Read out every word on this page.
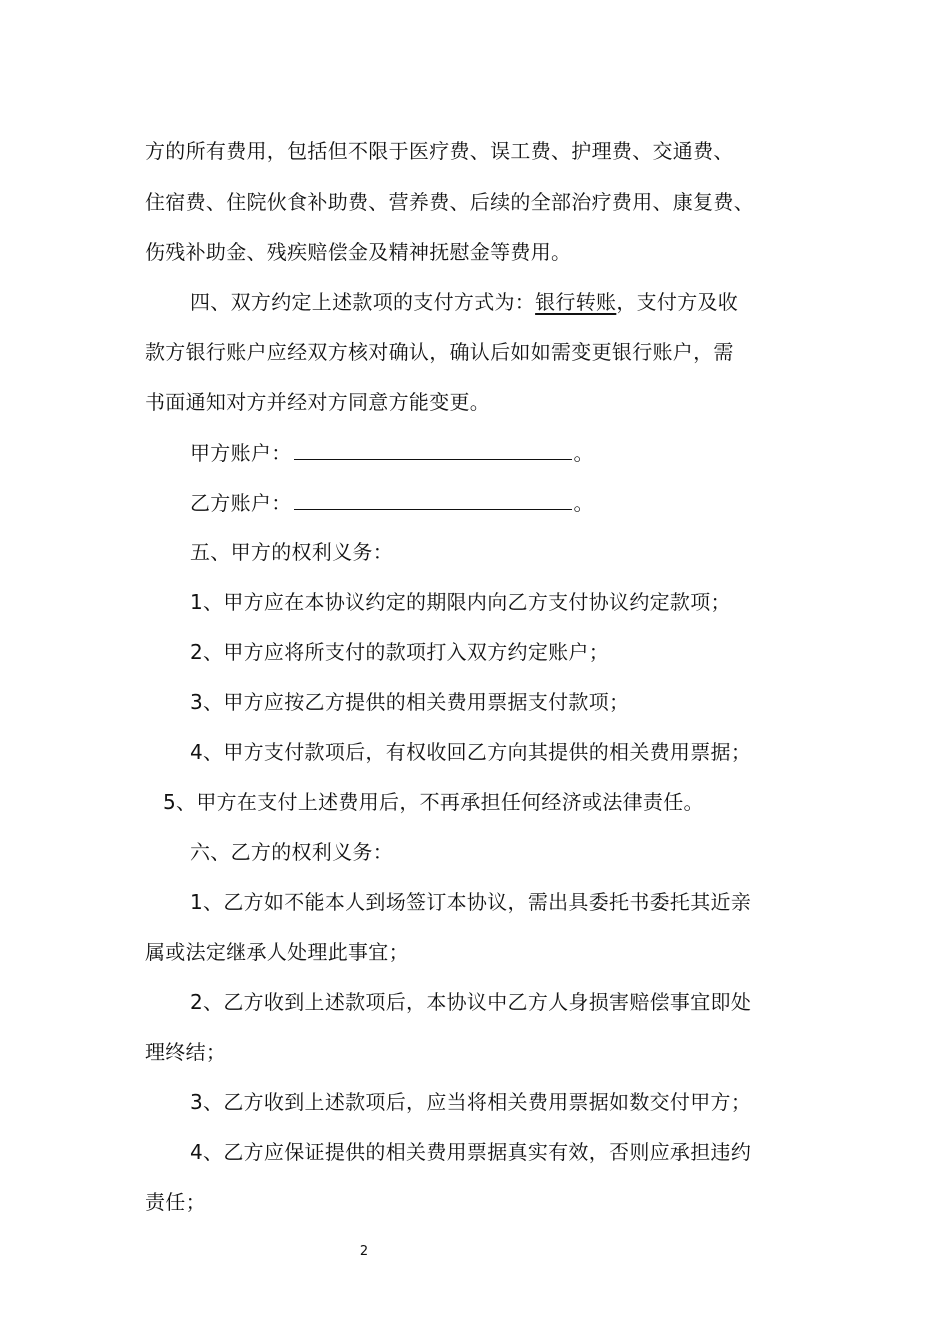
方的所有费用，包括但不限于医疗费、误工费、护理费、交通费、
住宿费、住院伙食补助费、营养费、后续的全部治疗费用、康复费、
伤残补助金、残疾赔偿金及精神抚慰金等费用。
四、双方约定上述款项的支付方式为：银行转账，支付方及收
款方银行账户应经双方核对确认，确认后如如需变更银行账户，需
书面通知对方并经对方同意方能变更。
甲方账户：	。
乙方账户：	。
五、甲方的权利义务：
1、甲方应在本协议约定的期限内向乙方支付协议约定款项；
2、甲方应将所支付的款项打入双方约定账户；
3、甲方应按乙方提供的相关费用票据支付款项；
4、甲方支付款项后，有权收回乙方向其提供的相关费用票据；
5、甲方在支付上述费用后，不再承担任何经济或法律责任。
六、乙方的权利义务：
1、乙方如不能本人到场签订本协议，需出具委托书委托其近亲
属或法定继承人处理此事宜；
2、乙方收到上述款项后，本协议中乙方人身损害赔偿事宜即处
理终结；
3、乙方收到上述款项后，应当将相关费用票据如数交付甲方；
4、乙方应保证提供的相关费用票据真实有效，否则应承担违约
责任；
2
